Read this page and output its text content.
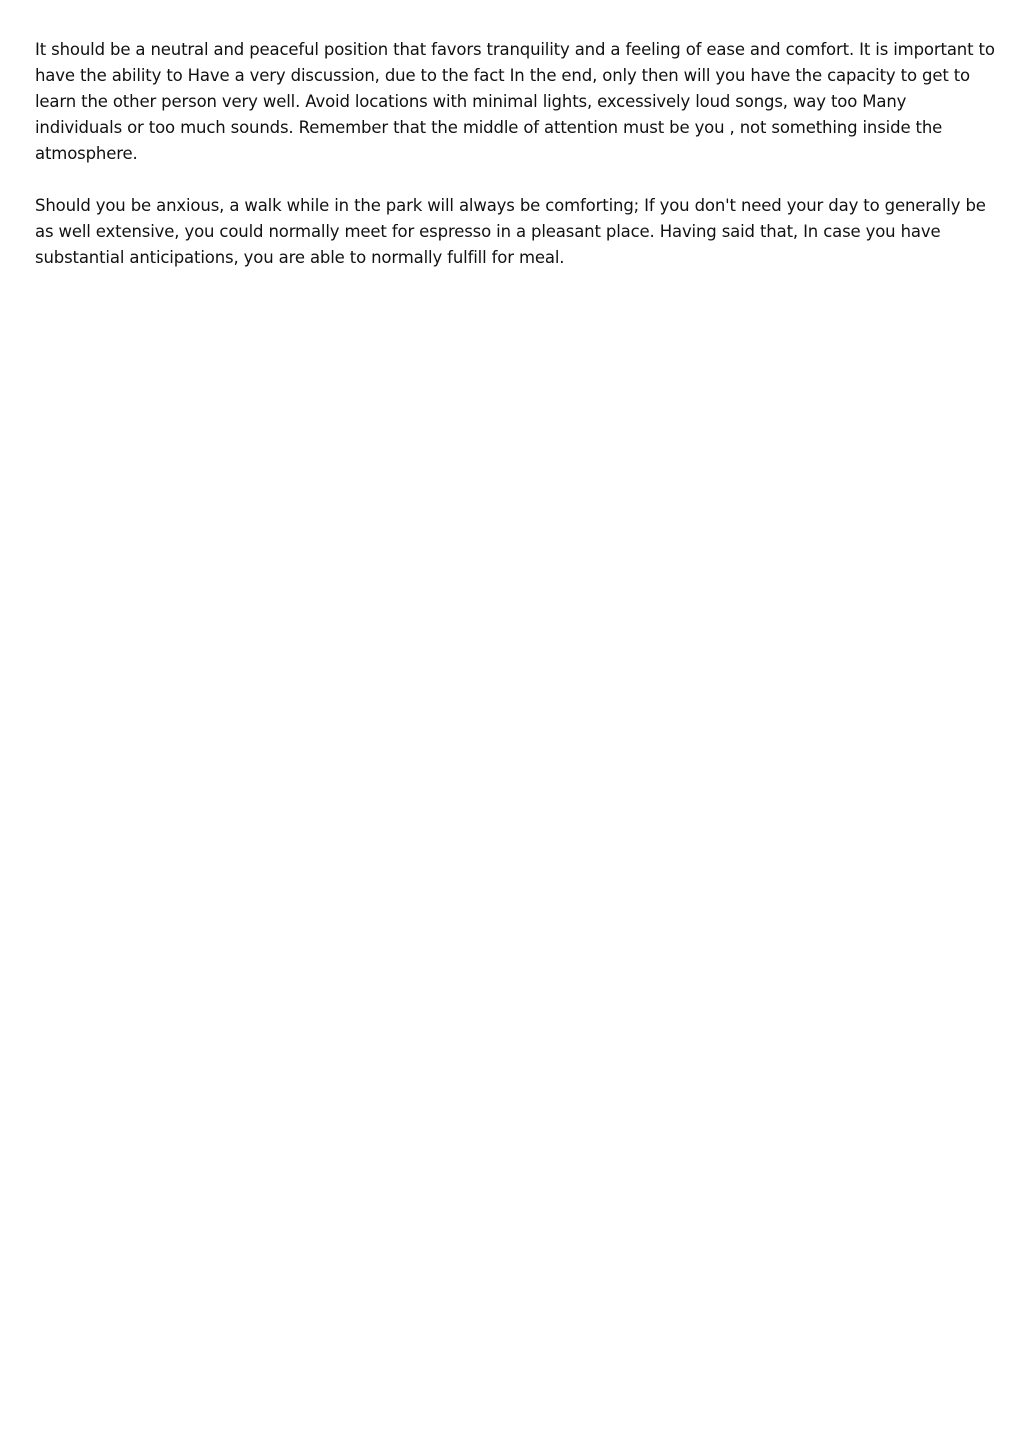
It should be a neutral and peaceful position that favors tranquility and a feeling of ease and comfort. It is important to have the ability to Have a very discussion, due to the fact In the end, only then will you have the capacity to get to learn the other person very well. Avoid locations with minimal lights, excessively loud songs, way too Many individuals or too much sounds. Remember that the middle of attention must be you , not something inside the atmosphere.

Should you be anxious, a walk while in the park will always be comforting; If you don't need your day to generally be as well extensive, you could normally meet for espresso in a pleasant place. Having said that, In case you have substantial anticipations, you are able to normally fulfill for meal.
